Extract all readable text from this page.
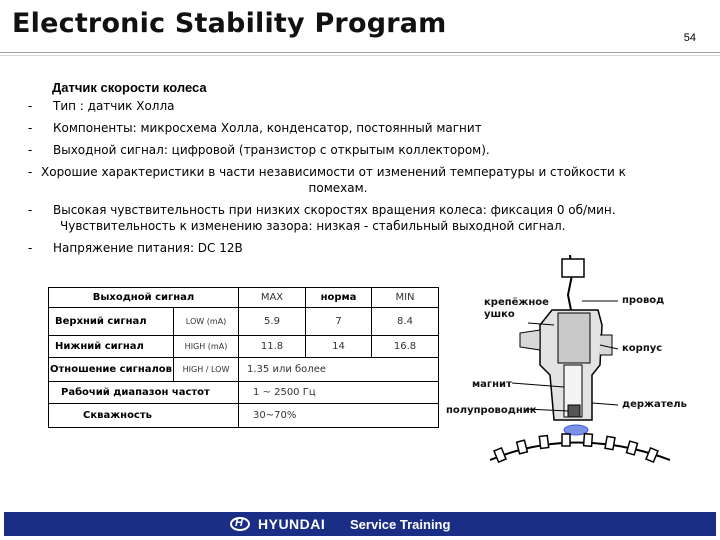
Electronic Stability Program	54
Датчик скорости колеса
- Тип : датчик Холла
- Компоненты: микросхема Холла, конденсатор, постоянный магнит
- Выходной сигнал: цифровой (транзистор с открытым коллектором).
- Хорошие характеристики в части независимости от изменений температуры и стойкости к
помехам.
- Высокая чувствительность при низких скоростях вращения колеса: фиксация 0 об/мин.
Чувствительность к изменению зазора: низкая - стабильный выходной сигнал.
- Напряжение питания: DC 12В
Выходной сигнал		MAX	норма	MIN
Верхний сигнал	LOW (mA)	5.9	7	8.4
Нижний сигнал	HIGH (mA)	11.8	14	16.8
Отношение сигналов	HIGH / LOW	1.35 или более		
Рабочий диапазон частот		1 ~ 2500 Гц		
Скважность		30~70%		
крепёжное ушко
провод
корпус
магнит
держатель
полупроводник
H HYUNDAI Service Training
